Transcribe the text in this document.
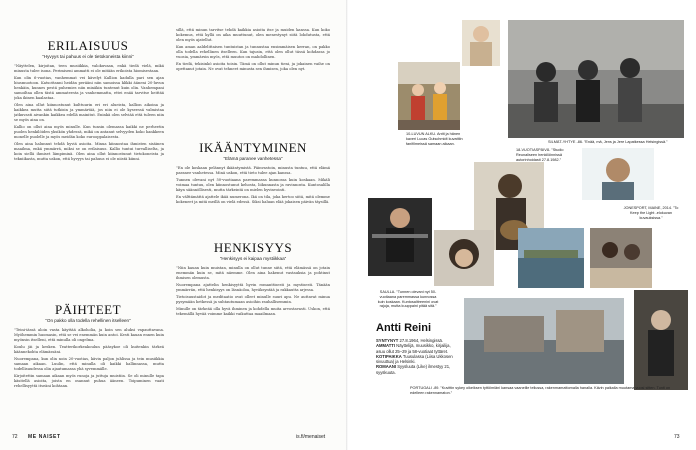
ERILAISUUS
”Hyvyys tai pahuus ei ole tietokoneista kiinni”

”Näyttelen, kirjoitan, teen musiikkia, valokuvaan, enkä tiedä vielä, mikä minusta tulee isona. Perimiseni ammatti ei ole mitään erikoista hiomisestaan.

Kun olin 6-vuotias, vanhemmat vei kävelyt Kallion kadulla pari sen ajan hiusmuotoon. Katsottanni heidän perääni niin samoissa klikki ääneni 20-luvun henkäin, kunnes pestä puhemies niin minäkin tuntenut kuin olin. Vanhempani samoiltaa ollen tästä ammateesta ja vanhemmatta, ettei enää tarvitse heittää joka ikinen kaalastaa.

Olen aina ollut kiinnostunut kulttuurin eri eri alueista, kallion aikoina ja kaikkea mutta siitä tutkisin ja ymmärtää, jos niin ei ole kyseessä valmistaa jatkuvasti aivankin kaikkea edellä mainitut. Eninkä olen selviää että tuleen niin se myös aina on.

Kallio on ollut aina myös minulle. Kun tunsin olemassa kaikki ne perheetin puolen henkilöiden yksikön yhdessä, mikä on antanut selvyyden koko hankkeen monelle puolelle ja myös meidän koko eurooppalaisesta.

Olen aina halunnut tehdä hyviä asioita. Minua kiinnostaa ihmisten sisäinen maailma, enkä ymmärrä, miksi se on erilaisuus. Kallio tuntui turvalliselta, ja koin siellä ihmiset lämpiminä. Olen aina ollut kiinnostunut tietokoneista ja tekniikasta, mutta uskon, että hyvyys tai pahuus ei ole niistä kiinni.

PÄIHTEET
”On pakko olla todella rehellinen itselleen”

”Teini-iässä aloin vasta käyttää alkoholia, ja koin sen aluksi vapauttavana. Myöhemmin huomasin, että se vei enemmän kuin antoi. Kesti kauan ennen kuin myönsin itselleni, että minulla oli ongelma.

Koulu jäi ja kesken. Teatterikorkeakoulun pääsykoe oli kuitenkin tärkeä käännekohta elämässäni.

Nuorempana, kun olin noin 20-vuotias, kävin paljon juhlissa ja tein musiikkia samaan aikaan. Luulin, että minulla oli kaikki hallinnassa, mutta todellisuudessa olin ajautumassa yhä syvemmälle.

Kirjoitettin samaan aikaan myös runoja ja juttuja muistiin. Se oli minulle tapa käsitellä asioita, joista en osannut puhua ääneen. Toipuminen vaati rehellisyyttä itseäni kohtaan.

sillä, että minun tarvitse tehdä kaikkia asioita itse ja muiden kanssa. Kun koko kokemus, että kyllä on aika muuttunut, olen menestynyt siitä lohdutusta, että olen myös ajatellut.

Kun aman aaldelittaisen tuntuistan ja tunnustaa ensimmäisen kerran, on pakko olla todella rehellinen itselleen. Kun tajusin, että olen ollut tässä kohdassa jo vuosia, ymmärsin myös, että muutos on mahdollinen.

En tiedä, tekisinkö asioita toisin. Tämä on ollut minun tieni, ja jokainen vaihe on opettanut jotain. Ne ovat tehneet minusta sen ihmisen, joka olen nyt.

IKÄÄNTYMINEN
”Elämä paranee vanhetessa”

”En ole koskaan pelännyt ikääntymistä. Päinvastoin, minusta tuntuu, että elämä paranee vanhetessa. Minä uskon, että tieto tulee ajan kanssa.

Tunnen olevani nyt 50-vuotiaana paremmassa kunnossa kuin koskaan. Mikäli voimaa tuntuu, olen kiinnostunut kehosta, liikunnasta ja ravinnosta. Kuntosalilla käyn säännöllisesti, mutta tärkeintä on mielen hyvinvointi.

En välttämättä ajattele ikää numerona. Ikä on tila, joka kertoo siitä, mitä olemme kokeneet ja mitä meillä on vielä edessä. Siksi haluan elää jokaisen päivän täysillä.

HENKISYYS
”Henkisyys ei kaipaa mystiikkaa”

”Niin kauan kuin muistan, minulla on ollut tunne siitä, että elämässä on jotain enemmän kuin se, mitä näemme. Olen aina hakenut vastauksia ja pohtinut ihmisen olemusta.

Nuorempana ajattelin henkisyyttä hyvin romanttisesti ja mystisesti. Tänään ymmärrän, että henkisyys on läsnäoloa, hyväksyntää ja rakkautta arjessa.

Tietoisuustaidot ja meditaatio ovat olleet minulle suuri apu. Ne auttavat minua pysymään hetkessä ja suhtautumaan asioihin rauhallisemmin.

Minulle on tärkeää olla hyvä ihminen ja kohdella muita arvostavasti. Uskon, että tekemällä hyvää voimme kaikki vaikuttaa maailmaan.

72 ME NAISET	is.fi/menaiset
SILMÄT-YHTYE -86. ”Enää, mä, Jens ja Jere Lapatkessa Helsingissä.”
10-LUVUN ALKU. Antti ja hänen kaveri Lucas Gutschmidt kuvattiin fanifilmeissä samaan aikaan.
18-VUOTIASPÄIVÄ. ”Studio Reunaliseen henkilöinnissä autorinhoidasti 27.8.1982.”
JONESPORT, MAINE, 2014. ”To Keep the Light -elokuvan kuvauksissa.”
SAULLA. ”Tunnen olevani nyt 50-vuotiaana paremmassa kunnossa kuin koskaan. Kuntosalitreenini ovat rajuja, mutta kuuppaini pitää sitä.”
PORTUGALI -89. ”Kuvittin sykey oikeiksen tyttöimiäni kansaa vaaneille tellussa, rakenmamattomalla hanalla. Kävin paikalla muutama vuosi sitten. Tunti on edelleen rakennamaton.”
Antti Reini
SYNTYNYT 27.8.1964, Helsingissä.
AMMATTI Näyttelijä, muusikko, kirjailija, asuu ollut 25–29 ja 58-vuotiaat tyttäret.
KOTIPAIKKA Tuusulassa (Liisa Ukkosen sivuuttua) ja Helsinki.
ROMAANI Syysluuta (Like) ilmestyy 21, syyskuuta.
73
